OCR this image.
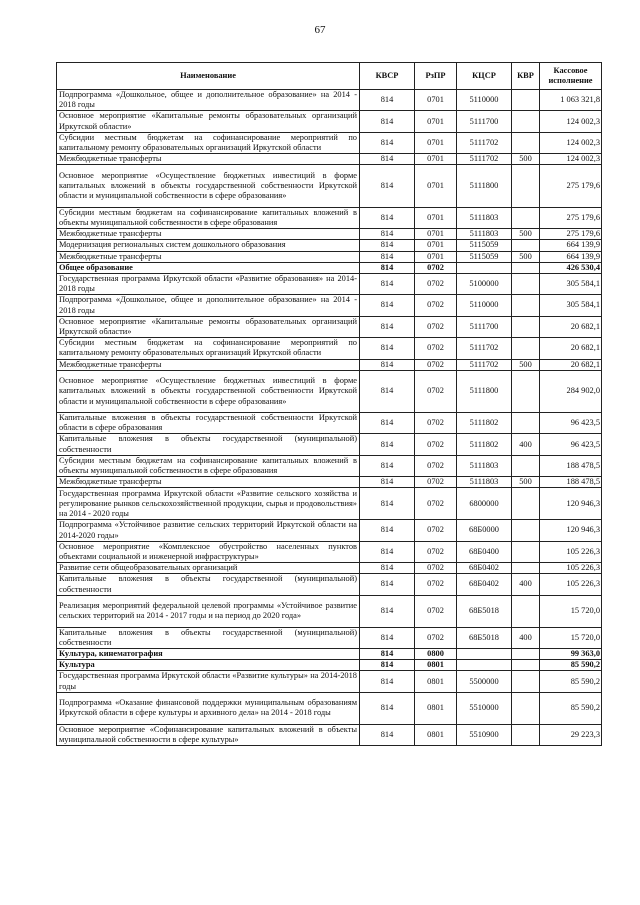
67
Наименование	КВСР	РзПР	КЦСР	КВР	Кассовое исполнение
Подпрограмма «Дошкольное, общее и дополнительное образование» на 2014 - 2018 годы	814	0701	5110000		1 063 321,8
Основное мероприятие «Капитальные ремонты образовательных организаций Иркутской области»	814	0701	5111700		124 002,3
Субсидии местным бюджетам на софинансирование мероприятий по капитальному ремонту образовательных организаций Иркутской области	814	0701	5111702		124 002,3
Межбюджетные трансферты	814	0701	5111702	500	124 002,3
Основное мероприятие «Осуществление бюджетных инвестиций в форме капитальных вложений в объекты государственной собственности Иркутской области и муниципальной собственности в сфере образования»	814	0701	5111800		275 179,6
Субсидии местным бюджетам на софинансирование капитальных вложений в объекты муниципальной собственности в сфере образования	814	0701	5111803		275 179,6
Межбюджетные трансферты	814	0701	5111803	500	275 179,6
Модернизация региональных систем дошкольного образования	814	0701	5115059		664 139,9
Межбюджетные трансферты	814	0701	5115059	500	664 139,9
Общее образование	814	0702			426 530,4
Государственная программа Иркутской области «Развитие образования» на 2014-2018 годы	814	0702	5100000		305 584,1
Подпрограмма «Дошкольное, общее и дополнительное образование» на 2014 - 2018 годы	814	0702	5110000		305 584,1
Основное мероприятие «Капитальные ремонты образовательных организаций Иркутской области»	814	0702	5111700		20 682,1
Субсидии местным бюджетам на софинансирование мероприятий по капитальному ремонту образовательных организаций Иркутской области	814	0702	5111702		20 682,1
Межбюджетные трансферты	814	0702	5111702	500	20 682,1
Основное мероприятие «Осуществление бюджетных инвестиций в форме капитальных вложений в объекты государственной собственности Иркутской области и муниципальной собственности в сфере образования»	814	0702	5111800		284 902,0
Капитальные вложения в объекты государственной собственности Иркутской области в сфере образования	814	0702	5111802		96 423,5
Капитальные вложения в объекты государственной (муниципальной) собственности	814	0702	5111802	400	96 423,5
Субсидии местным бюджетам на софинансирование капитальных вложений в объекты муниципальной собственности в сфере образования	814	0702	5111803		188 478,5
Межбюджетные трансферты	814	0702	5111803	500	188 478,5
Государственная программа Иркутской области «Развитие сельского хозяйства и регулирование рынков сельскохозяйственной продукции, сырья и продовольствия» на 2014 - 2020 годы	814	0702	6800000		120 946,3
Подпрограмма «Устойчивое развитие сельских территорий Иркутской области на 2014-2020 годы»	814	0702	68Б0000		120 946,3
Основное мероприятие «Комплексное обустройство населенных пунктов объектами социальной и инженерной инфраструктуры»	814	0702	68Б0400		105 226,3
Развитие сети общеобразовательных организаций	814	0702	68Б0402		105 226,3
Капитальные вложения в объекты государственной (муниципальной) собственности	814	0702	68Б0402	400	105 226,3
Реализация мероприятий федеральной целевой программы «Устойчивое развитие сельских территорий на 2014 - 2017 годы и на период до 2020 года»	814	0702	68Б5018		15 720,0
Капитальные вложения в объекты государственной (муниципальной) собственности	814	0702	68Б5018	400	15 720,0
Культура, кинематография	814	0800			99 363,0
Культура	814	0801			85 590,2
Государственная программа Иркутской области «Развитие культуры» на 2014-2018 годы	814	0801	5500000		85 590,2
Подпрограмма «Оказание финансовой поддержки муниципальным образованиям Иркутской области в сфере культуры и архивного дела» на 2014 - 2018 годы	814	0801	5510000		85 590,2
Основное мероприятие «Софинансирование капитальных вложений в объекты муниципальной собственности в сфере культуры»	814	0801	5510900		29 223,3
